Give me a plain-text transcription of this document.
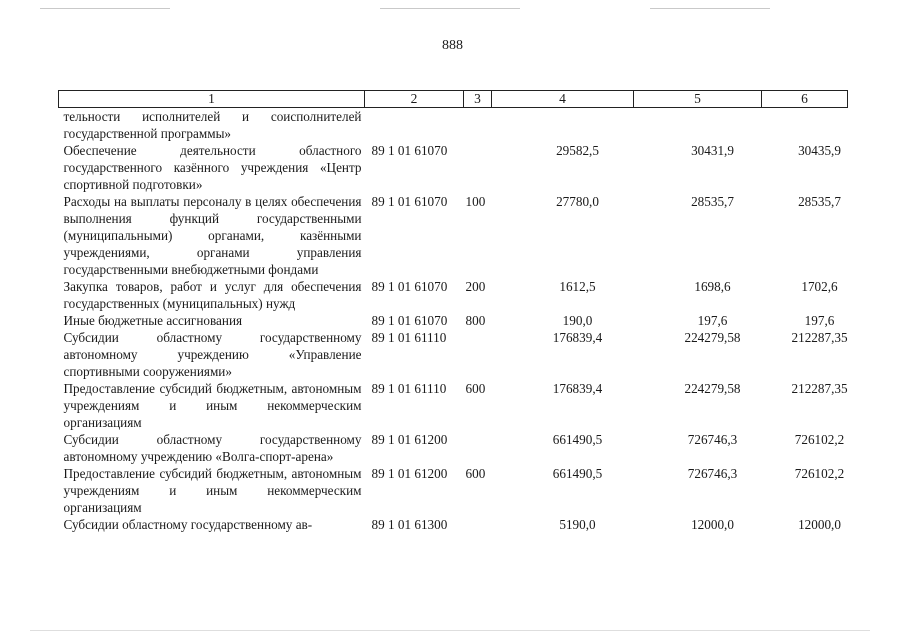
888
1	2	3	4	5	6
тельности исполнителей и соисполнителей государственной программы»					
Обеспечение деятельности областного государственного казённого учреждения «Центр спортивной подготовки»	89 1 01 61070		29582,5	30431,9	30435,9
Расходы на выплаты персоналу в целях обеспечения выполнения функций государственными (муниципальными) органами, казёнными учреждениями, органами управления государственными внебюджетными фондами	89 1 01 61070	100	27780,0	28535,7	28535,7
Закупка товаров, работ и услуг для обеспечения государственных (муниципальных) нужд	89 1 01 61070	200	1612,5	1698,6	1702,6
Иные бюджетные ассигнования	89 1 01 61070	800	190,0	197,6	197,6
Субсидии областному государственному автономному учреждению «Управление спортивными сооружениями»	89 1 01 61110		176839,4	224279,58	212287,35
Предоставление субсидий бюджетным, автономным учреждениям и иным некоммерческим организациям	89 1 01 61110	600	176839,4	224279,58	212287,35
Субсидии областному государственному автономному учреждению «Волга-спорт-арена»	89 1 01 61200		661490,5	726746,3	726102,2
Предоставление субсидий бюджетным, автономным учреждениям и иным некоммерческим организациям	89 1 01 61200	600	661490,5	726746,3	726102,2
Субсидии областному государственному ав-	89 1 01 61300		5190,0	12000,0	12000,0
